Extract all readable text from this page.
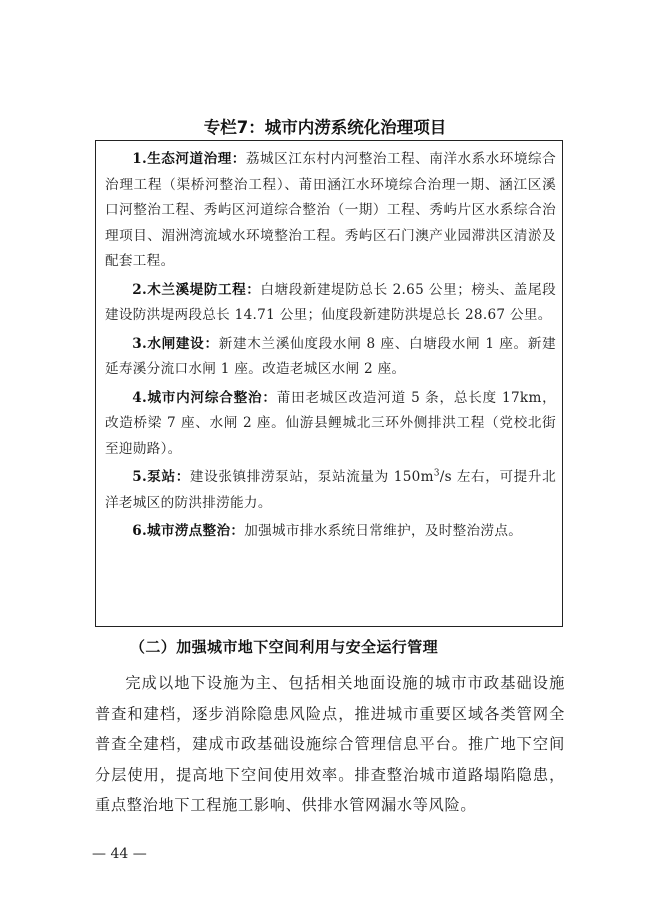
专栏7：城市内涝系统化治理项目

1.生态河道治理：荔城区江东村内河整治工程、南洋水系水环境综合治理工程（渠桥河整治工程）、莆田涵江水环境综合治理一期、涵江区溪口河整治工程、秀屿区河道综合整治（一期）工程、秀屿片区水系综合治理项目、湄洲湾流域水环境整治工程。秀屿区石门澳产业园滞洪区清淤及配套工程。

2.木兰溪堤防工程：白塘段新建堤防总长 2.65 公里；榜头、盖尾段建设防洪堤两段总长 14.71 公里；仙度段新建防洪堤总长 28.67 公里。

3.水闸建设：新建木兰溪仙度段水闸 8 座、白塘段水闸 1 座。新建延寿溪分流口水闸 1 座。改造老城区水闸 2 座。

4.城市内河综合整治：莆田老城区改造河道 5 条，总长度 17km，改造桥梁 7 座、水闸 2 座。仙游县鲤城北三环外侧排洪工程（党校北街至迎勋路）。

5.泵站：建设张镇排涝泵站，泵站流量为 $150m^3/s$ 左右，可提升北洋老城区的防洪排涝能力。

6.城市涝点整治：加强城市排水系统日常维护，及时整治涝点。

（二）加强城市地下空间利用与安全运行管理

完成以地下设施为主、包括相关地面设施的城市市政基础设施普查和建档，逐步消除隐患风险点，推进城市重要区域各类管网全普查全建档，建成市政基础设施综合管理信息平台。推广地下空间分层使用，提高地下空间使用效率。排查整治城市道路塌陷隐患，重点整治地下工程施工影响、供排水管网漏水等风险。

— 44 —
